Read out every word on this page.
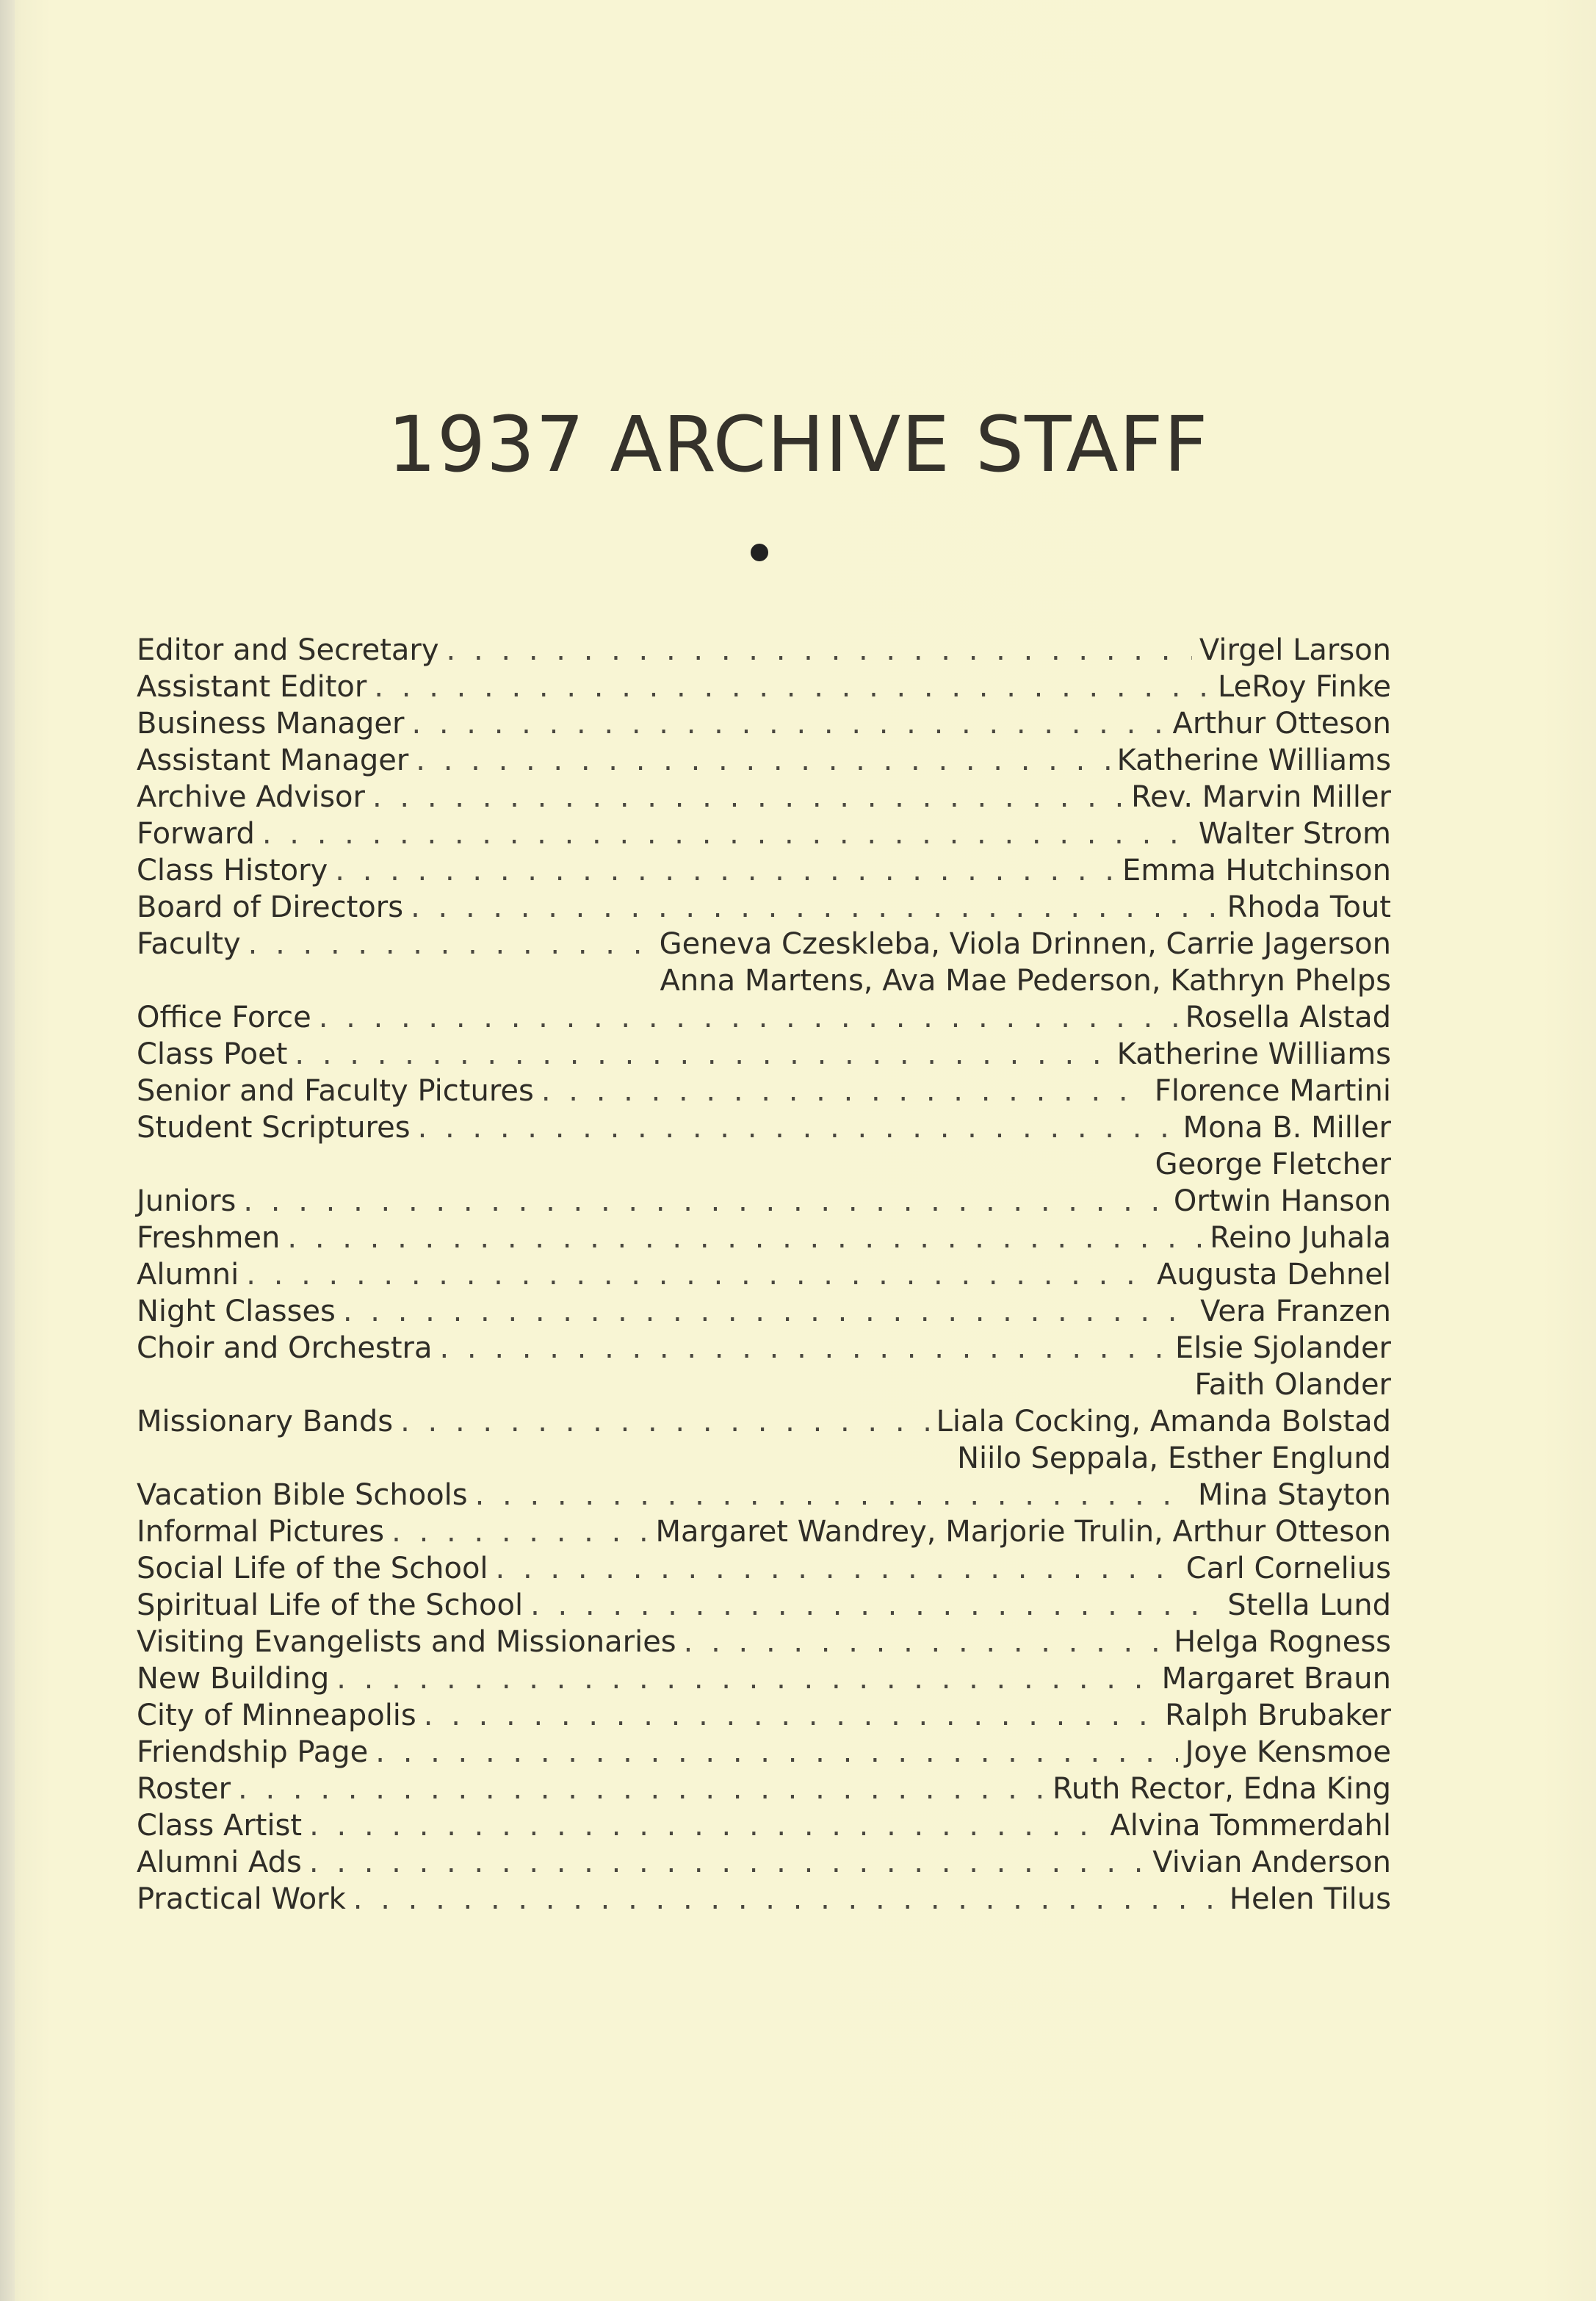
1937 ARCHIVE STAFF
Editor and Secretary . . .	Virgel Larson
Assistant Editor . . .	LeRoy Finke
Business Manager . . .	Arthur Otteson
Assistant Manager . . .	Katherine Williams
Archive Advisor . . .	Rev. Marvin Miller
Forward . . .	Walter Strom
Class History . . .	Emma Hutchinson
Board of Directors . . .	Rhoda Tout
Faculty . . .	Geneva Czeskleba, Viola Drinnen, Carrie Jagerson
Anna Martens, Ava Mae Pederson, Kathryn Phelps
Office Force . . .	Rosella Alstad
Class Poet . . .	Katherine Williams
Senior and Faculty Pictures . . .	Florence Martini
Student Scriptures . . .	Mona B. Miller
George Fletcher
Juniors . . .	Ortwin Hanson
Freshmen . . .	Reino Juhala
Alumni . . .	Augusta Dehnel
Night Classes . . .	Vera Franzen
Choir and Orchestra . . .	Elsie Sjolander
Faith Olander
Missionary Bands . . .	Liala Cocking, Amanda Bolstad
Niilo Seppala, Esther Englund
Vacation Bible Schools . . .	Mina Stayton
Informal Pictures . . .	Margaret Wandrey, Marjorie Trulin, Arthur Otteson
Social Life of the School . . .	Carl Cornelius
Spiritual Life of the School . . .	Stella Lund
Visiting Evangelists and Missionaries . . .	Helga Rogness
New Building . . .	Margaret Braun
City of Minneapolis . . .	Ralph Brubaker
Friendship Page . . .	Joye Kensmoe
Roster . . .	Ruth Rector, Edna King
Class Artist . . .	Alvina Tommerdahl
Alumni Ads . . .	Vivian Anderson
Practical Work . . .	Helen Tilus
